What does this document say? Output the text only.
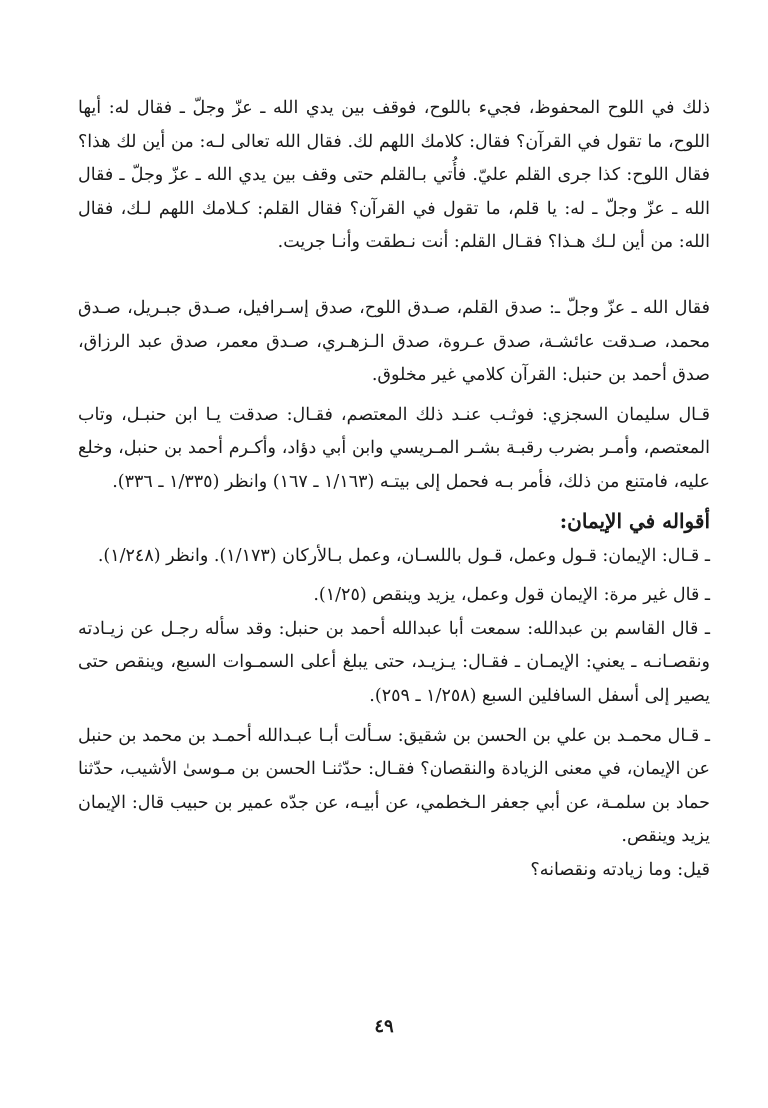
ذلك في اللوح المحفوظ، فجيء باللوح، فوقف بين يدي الله ـ عزّ وجلّ ـ فقال له: أيها اللوح، ما تقول في القرآن؟ فقال: كلامك اللهم لك. فقال الله تعالى لـه: من أين لك هذا؟ فقال اللوح: كذا جرى القلم عليّ. فأُتي بـالقلم حتى وقف بين يدي الله ـ عزّ وجلّ ـ فقال الله ـ عزّ وجلّ ـ له: يا قلم، ما تقول في القرآن؟ فقال القلم: كـلامك اللهم لـك، فقال الله: من أين لـك هـذا؟ فقـال القلم: أنت نـطقت وأنـا جريت.

فقال الله ـ عزّ وجلّ ـ: صدق القلم، صـدق اللوح، صدق إسـرافيل، صـدق جبـريل، صـدق محمد، صـدقت عائشـة، صدق عـروة، صدق الـزهـري، صـدق معمر، صدق عبد الرزاق، صدق أحمد بن حنبل: القرآن كلامي غير مخلوق.

قـال سليمان السجزي: فوثـب عنـد ذلك المعتصم، فقـال: صدقت يـا ابن حنبـل، وتاب المعتصم، وأمـر بضرب رقبـة بشـر المـريسي وابن أبي دؤاد، وأكـرم أحمد بن حنبل، وخلع عليه، فامتنع من ذلك، فأمر بـه فحمل إلى بيتـه (١/١٦٣ ـ ١٦٧) وانظر (١/٣٣٥ ـ ٣٣٦).

أقواله في الإيمان:

ـ قـال: الإيمان: قـول وعمل، قـول باللسـان، وعمل بـالأركان (١/١٧٣). وانظر (١/٢٤٨).

ـ قال غير مرة: الإيمان قول وعمل، يزيد وينقص (١/٢٥).

ـ قال القاسم بن عبدالله: سمعت أبا عبدالله أحمد بن حنبل: وقد سأله رجـل عن زيـادته ونقصـانـه ـ يعني: الإيمـان ـ فقـال: يـزيـد، حتى يبلغ أعلى السمـوات السبع، وينقص حتى يصير إلى أسفل السافلين السبع (١/٢٥٨ ـ ٢٥٩).

ـ قـال محمـد بن علي بن الحسن بن شقيق: سـألت أبـا عبـدالله أحمـد بن محمد بن حنبل عن الإيمان، في معنى الزيادة والنقصان؟ فقـال: حدّثنـا الحسن بن مـوسىٰ الأشيب، حدّثنا حماد بن سلمـة، عن أبي جعفر الـخطمي، عن أبيـه، عن جدّه عمير بن حبيب قال: الإيمان يزيد وينقص.

قيل: وما زيادته ونقصانه؟

٤٩
